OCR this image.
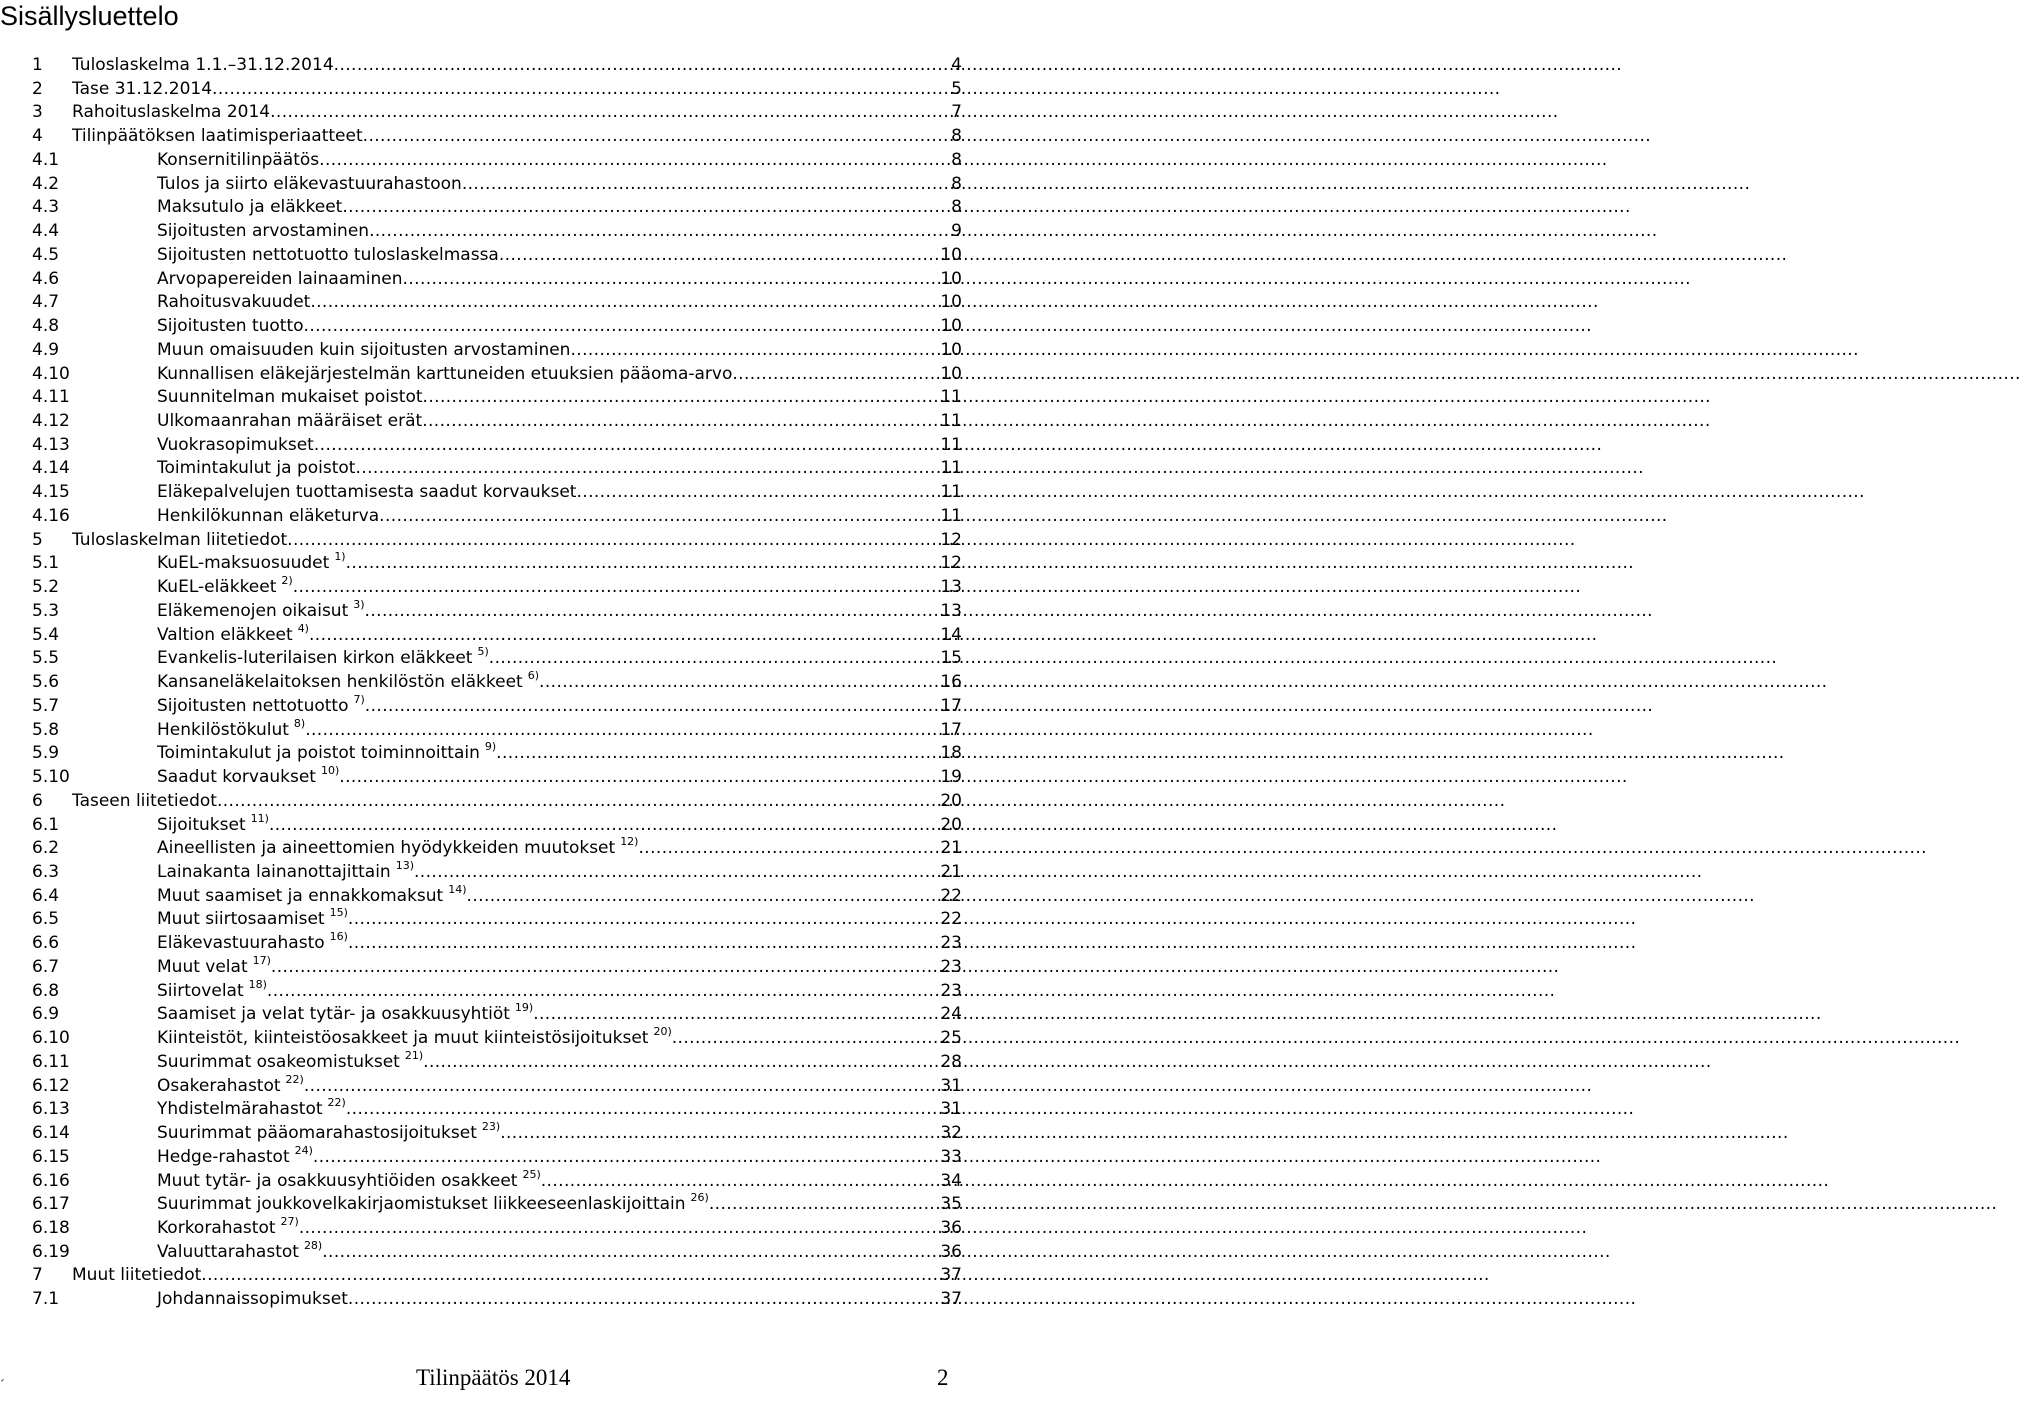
Sisällysluettelo
1	Tuloslaskelma 1.1.–31.12.2014 .....	4
2	Tase 31.12.2014 .....	5
3	Rahoituslaskelma 2014 .....	7
4	Tilinpäätöksen laatimisperiaatteet .....	8
4.1	Konsernitilinpäätös .....	8
4.2	Tulos ja siirto eläkevastuurahastoon .....	8
4.3	Maksutulo ja eläkkeet .....	8
4.4	Sijoitusten arvostaminen .....	9
4.5	Sijoitusten nettotuotto tuloslaskelmassa .....	10
4.6	Arvopapereiden lainaaminen .....	10
4.7	Rahoitusvakuudet .....	10
4.8	Sijoitusten tuotto .....	10
4.9	Muun omaisuuden kuin sijoitusten arvostaminen .....	10
4.10	Kunnallisen eläkejärjestelmän karttuneiden etuuksien pääoma-arvo .....	10
4.11	Suunnitelman mukaiset poistot .....	11
4.12	Ulkomaanrahan määräiset erät .....	11
4.13	Vuokrasopimukset .....	11
4.14	Toimintakulut ja poistot .....	11
4.15	Eläkepalvelujen tuottamisesta saadut korvaukset .....	11
4.16	Henkilökunnan eläketurva .....	11
5	Tuloslaskelman liitetiedot .....	12
5.1	KuEL-maksuosuudet $^{1)}$ .....	12
5.2	KuEL-eläkkeet $^{2)}$ .....	13
5.3	Eläkemenojen oikaisut $^{3)}$ .....	13
5.4	Valtion eläkkeet $^{4)}$ .....	14
5.5	Evankelis-luterilaisen kirkon eläkkeet $^{5)}$ .....	15
5.6	Kansaneläkelaitoksen henkilöstön eläkkeet $^{6)}$ .....	16
5.7	Sijoitusten nettotuotto $^{7)}$ .....	17
5.8	Henkilöstökulut $^{8)}$ .....	17
5.9	Toimintakulut ja poistot toiminnoittain $^{9)}$ .....	18
5.10	Saadut korvaukset $^{10)}$ .....	19
6	Taseen liitetiedot .....	20
6.1	Sijoitukset $^{11)}$ .....	20
6.2	Aineellisten ja aineettomien hyödykkeiden muutokset $^{12)}$ .....	21
6.3	Lainakanta lainanottajittain $^{13)}$ .....	21
6.4	Muut saamiset ja ennakkomaksut $^{14)}$ .....	22
6.5	Muut siirtosaamiset $^{15)}$ .....	22
6.6	Eläkevastuurahasto $^{16)}$ .....	23
6.7	Muut velat $^{17)}$ .....	23
6.8	Siirtovelat $^{18)}$ .....	23
6.9	Saamiset ja velat tytär- ja osakkuusyhtiöt $^{19)}$ .....	24
6.10	Kiinteistöt, kiinteistöosakkeet ja muut kiinteistösijoitukset $^{20)}$ .....	25
6.11	Suurimmat osakeomistukset $^{21)}$ .....	28
6.12	Osakerahastot $^{22)}$ .....	31
6.13	Yhdistelmärahastot $^{22)}$ .....	31
6.14	Suurimmat pääomarahastosijoitukset $^{23)}$ .....	32
6.15	Hedge-rahastot $^{24)}$ .....	33
6.16	Muut tytär- ja osakkuusyhtiöiden osakkeet $^{25)}$ .....	34
6.17	Suurimmat joukkovelkakirjaomistukset liikkeeseenlaskijoittain $^{26)}$ .....	35
6.18	Korkorahastot $^{27)}$ .....	36
6.19	Valuuttarahastot $^{28)}$ .....	36
7	Muut liitetiedot .....	37
7.1	Johdannaissopimukset .....	37
´	Tilinpäätös 2014	2
